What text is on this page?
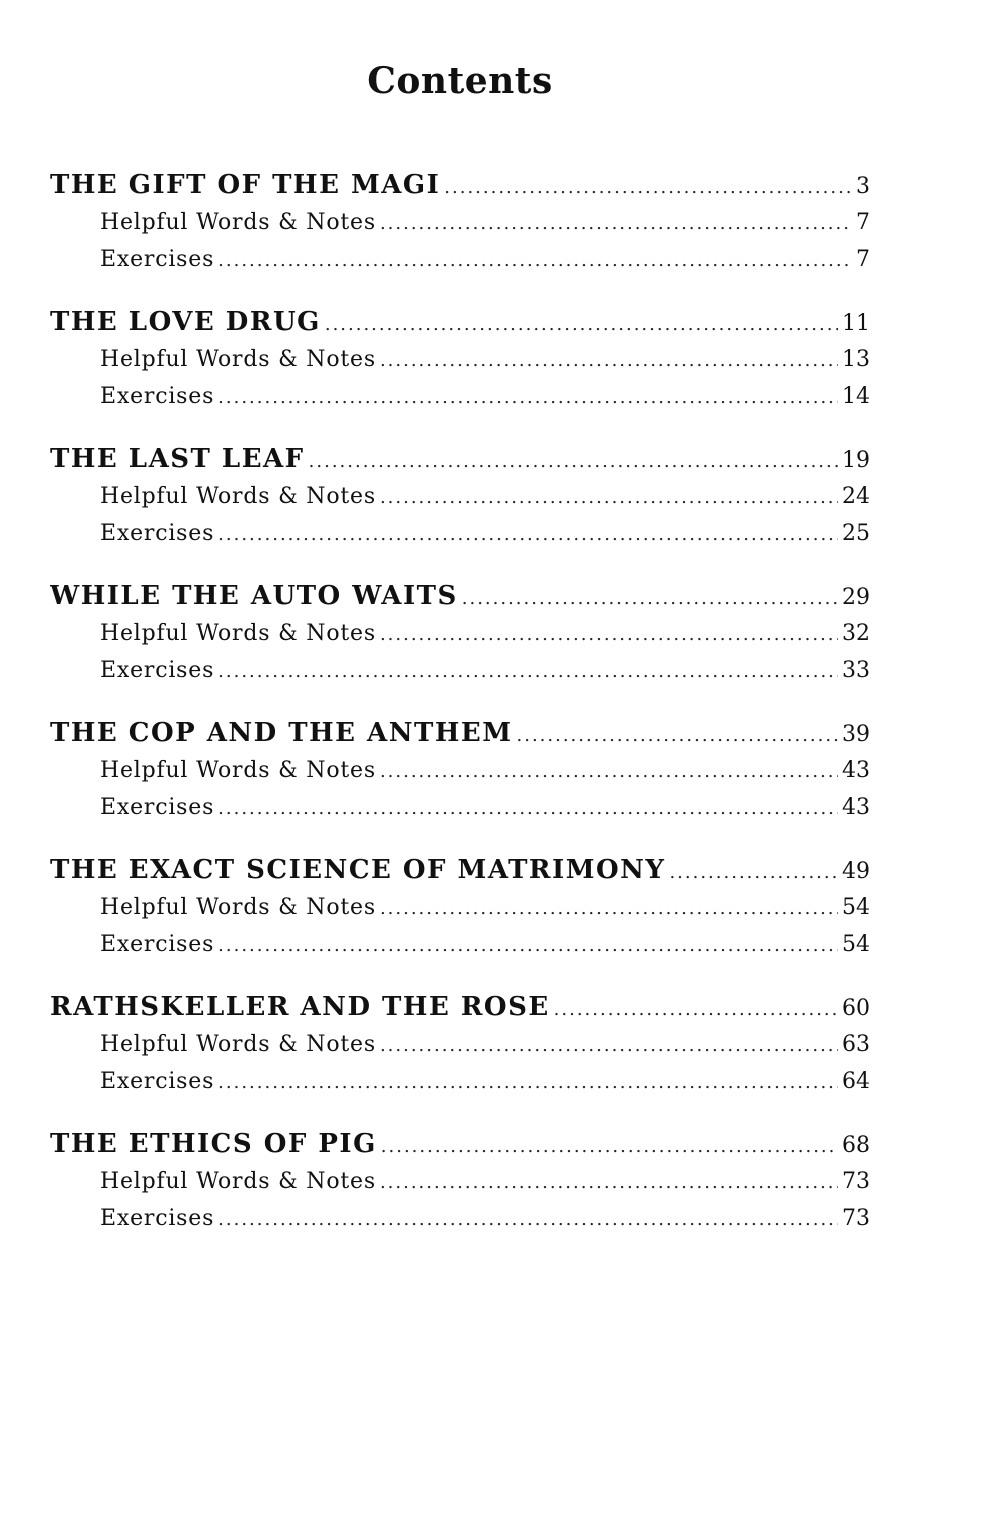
Contents
THE GIFT OF THE MAGI .....	3
Helpful Words & Notes .....	7
Exercises .....	7
THE LOVE DRUG .....	11
Helpful Words & Notes .....	13
Exercises .....	14
THE LAST LEAF .....	19
Helpful Words & Notes .....	24
Exercises .....	25
WHILE THE AUTO WAITS .....	29
Helpful Words & Notes .....	32
Exercises .....	33
THE COP AND THE ANTHEM .....	39
Helpful Words & Notes .....	43
Exercises .....	43
THE EXACT SCIENCE OF MATRIMONY .....	49
Helpful Words & Notes .....	54
Exercises .....	54
RATHSKELLER AND THE ROSE .....	60
Helpful Words & Notes .....	63
Exercises .....	64
THE ETHICS OF PIG .....	68
Helpful Words & Notes .....	73
Exercises .....	73
